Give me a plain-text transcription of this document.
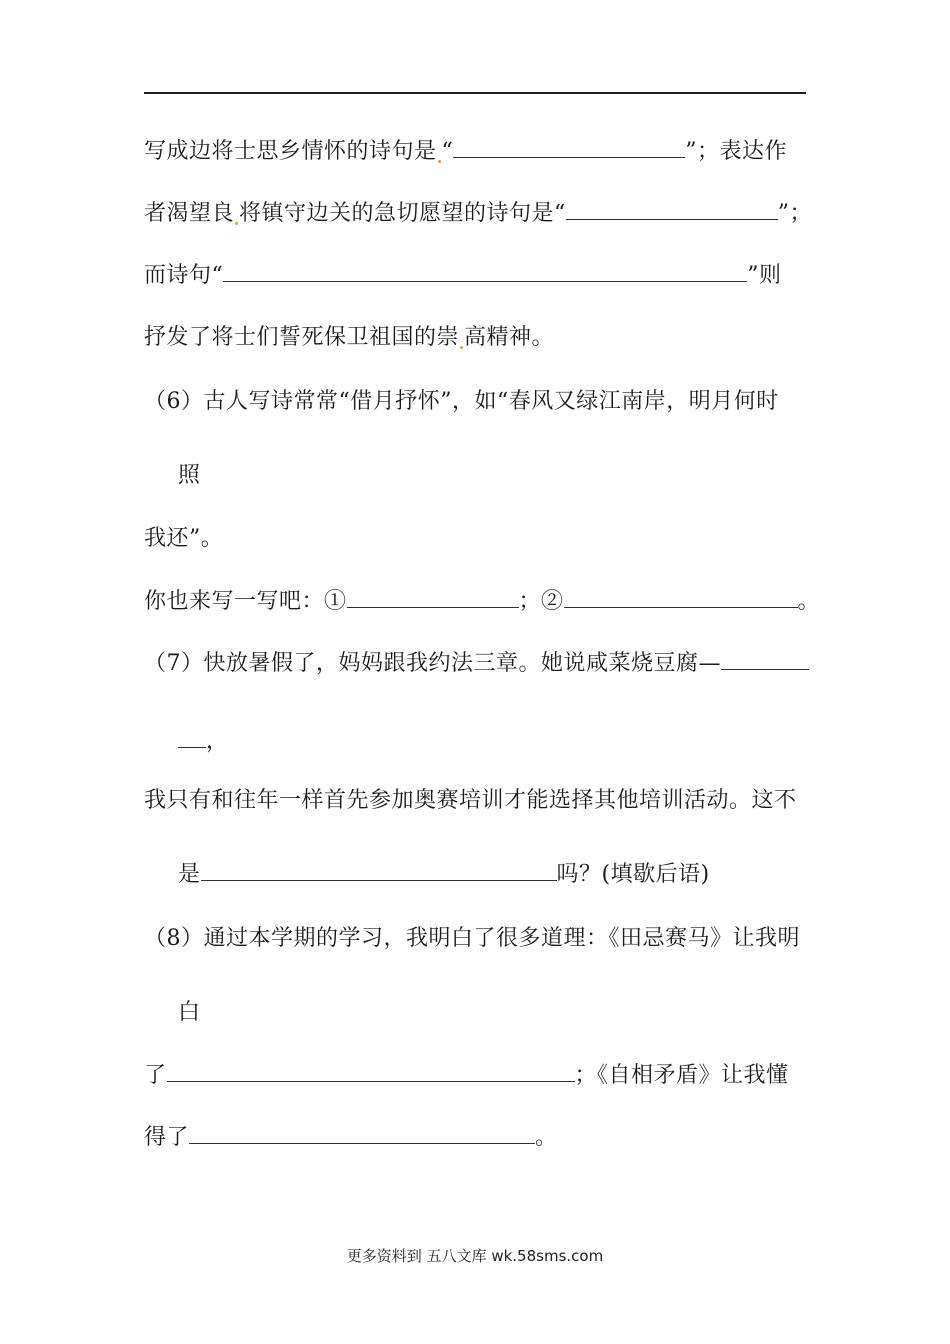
写成边将士思乡情怀的诗句是 “	”；表达作
者渴望良 将镇守边关的急切愿望的诗句是“	”；
而诗句“	”则
抒发了将士们誓死保卫祖国的崇 高精神。
（6）古人写诗常常“借月抒怀”，如“春风又绿江南岸，明月何时
照
我还”。
你也来写一写吧：①	；②	。
（7）快放暑假了，妈妈跟我约法三章。她说咸菜烧豆腐—
，
我只有和往年一样首先参加奥赛培训才能选择其他培训活动。这不
是	吗？(填歇后语)
（8）通过本学期的学习，我明白了很多道理：《田忌赛马》让我明
白
了	；《自相矛盾》让我懂
得了	。
更多资料到 五八文库 wk.58sms.com
